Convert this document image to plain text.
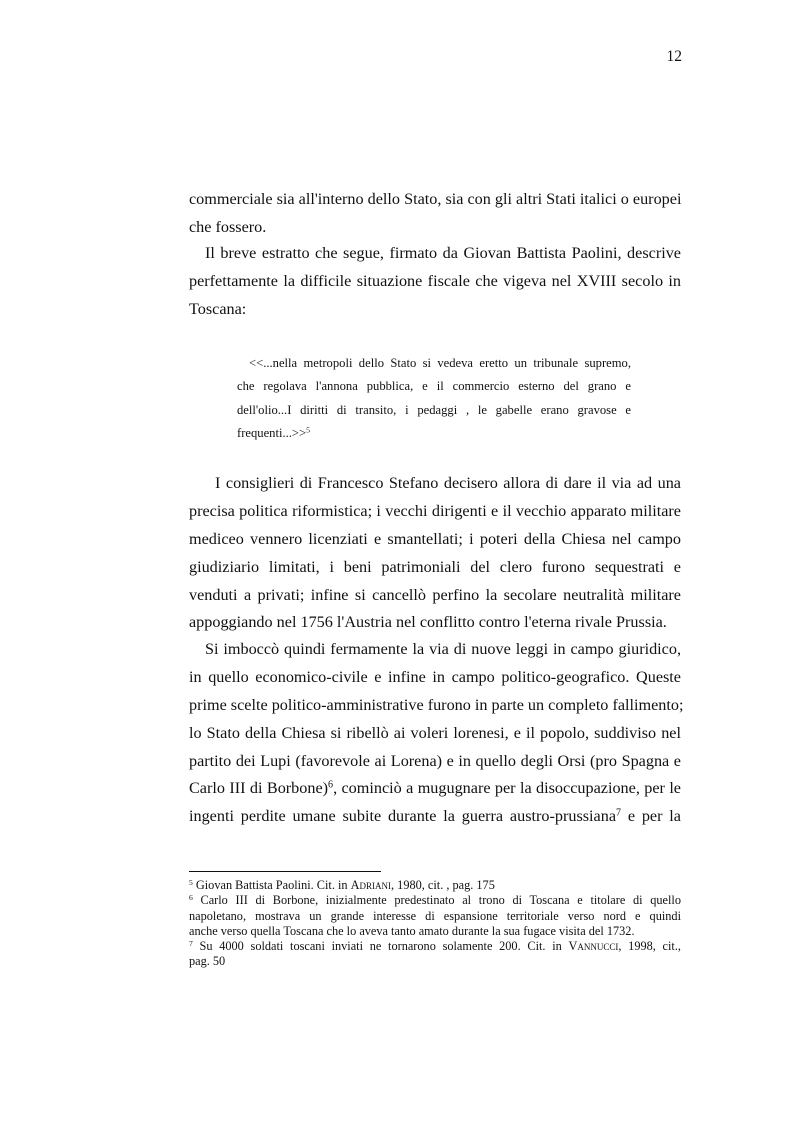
12
commerciale sia all'interno dello Stato, sia con gli altri Stati italici o europei
che fossero.
Il breve estratto che segue, firmato da Giovan Battista Paolini, descrive
perfettamente la difficile situazione fiscale che vigeva nel XVIII secolo in
Toscana:
<<...nella metropoli dello Stato si vedeva eretto un tribunale supremo,
che regolava l'annona pubblica, e il commercio esterno del grano e
dell'olio...I diritti di transito, i pedaggi , le gabelle erano gravose e
frequenti...>>$^5$
I consiglieri di Francesco Stefano decisero allora di dare il via ad una
precisa politica riformistica; i vecchi dirigenti e il vecchio apparato militare
mediceo vennero licenziati e smantellati; i poteri della Chiesa nel campo
giudiziario limitati, i beni patrimoniali del clero furono sequestrati e
venduti a privati; infine si cancellò perfino la secolare neutralità militare
appoggiando nel 1756 l'Austria nel conflitto contro l'eterna rivale Prussia.
Si imboccò quindi fermamente la via di nuove leggi in campo giuridico,
in quello economico-civile e infine in campo politico-geografico. Queste
prime scelte politico-amministrative furono in parte un completo fallimento;
lo Stato della Chiesa si ribellò ai voleri lorenesi, e il popolo, suddiviso nel
partito dei Lupi (favorevole ai Lorena) e in quello degli Orsi (pro Spagna e
Carlo III di Borbone)$^6$, cominciò a mugugnare per la disoccupazione, per le
ingenti perdite umane subite durante la guerra austro-prussiana$^7$ e per la
$^5$ Giovan Battista Paolini. Cit. in Adriani, 1980, cit. , pag. 175
$^6$ Carlo III di Borbone, inizialmente predestinato al trono di Toscana e titolare di quello
napoletano, mostrava un grande interesse di espansione territoriale verso nord e quindi
anche verso quella Toscana che lo aveva tanto amato durante la sua fugace visita del 1732.
$^7$ Su 4000 soldati toscani inviati ne tornarono solamente 200. Cit. in Vannucci, 1998, cit.,
pag. 50
